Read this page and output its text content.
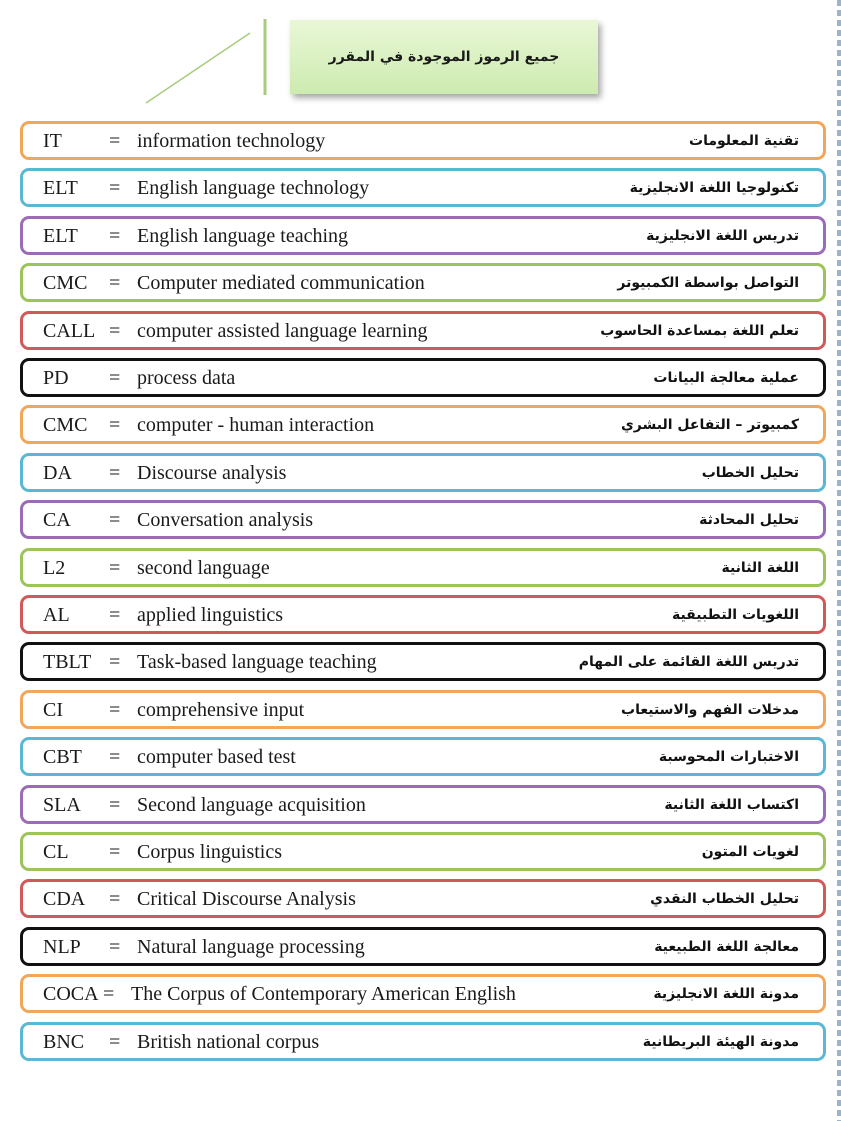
جميع الرموز الموجودة في المقرر
IT = information technology	تقنية المعلومات
ELT = English language technology	تكنولوجيا اللغة الانجليزية
ELT = English language teaching	تدريس اللغة الانجليزية
CMC = Computer mediated communication	التواصل بواسطة الكمبيوتر
CALL = computer assisted language learning	تعلم اللغة بمساعدة الحاسوب
PD = process data	عملية معالجة البيانات
CMC = computer - human interaction	كمبيوتر – التفاعل البشري
DA = Discourse analysis	تحليل الخطاب
CA = Conversation analysis	تحليل المحادثة
L2 = second language	اللغة الثانية
AL = applied linguistics	اللغويات التطبيقية
TBLT = Task-based language teaching	تدريس اللغة القائمة على المهام
CI = comprehensive input	مدخلات الفهم والاستيعاب
CBT = computer based test	الاختبارات المحوسبة
SLA = Second language acquisition	اكتساب اللغة الثانية
CL = Corpus linguistics	لغويات المتون
CDA = Critical Discourse Analysis	تحليل الخطاب النقدي
NLP = Natural language processing	معالجة اللغة الطبيعية
COCA = The Corpus of Contemporary American English	مدونة اللغة الانجليزية
BNC = British national corpus	مدونة الهيئة البريطانية
